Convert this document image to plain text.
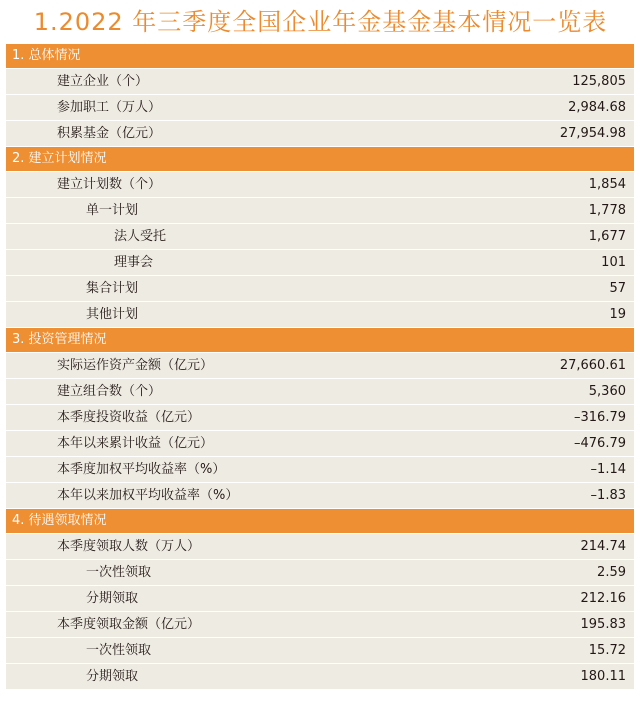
1.2022 年三季度全国企业年金基金基本情况一览表
1. 总体情况
建立企业（个）	125,805
参加职工（万人）	2,984.68
积累基金（亿元）	27,954.98
2. 建立计划情况
建立计划数（个）	1,854
单一计划	1,778
法人受托	1,677
理事会	101
集合计划	57
其他计划	19
3. 投资管理情况
实际运作资产金额（亿元）	27,660.61
建立组合数（个）	5,360
本季度投资收益（亿元）	–316.79
本年以来累计收益（亿元）	–476.79
本季度加权平均收益率（%）	–1.14
本年以来加权平均收益率（%）	–1.83
4. 待遇领取情况
本季度领取人数（万人）	214.74
一次性领取	2.59
分期领取	212.16
本季度领取金额（亿元）	195.83
一次性领取	15.72
分期领取	180.11
